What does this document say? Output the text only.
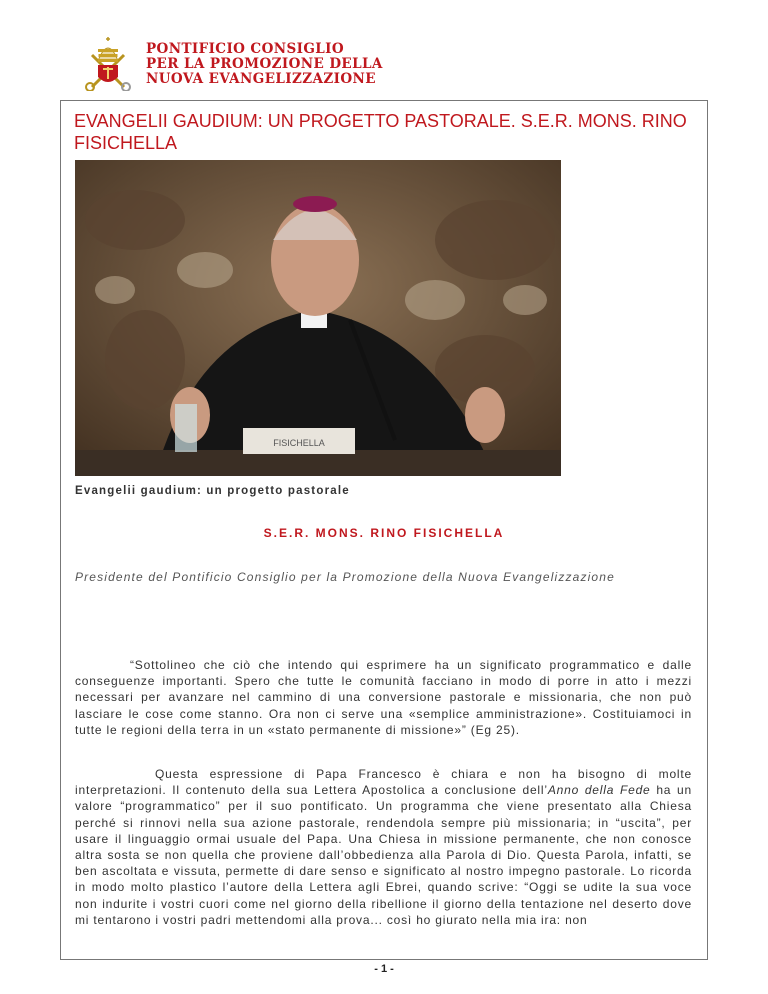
PONTIFICIO CONSIGLIO
PER LA PROMOZIONE DELLA
NUOVA EVANGELIZZAZIONE
EVANGELII GAUDIUM: UN PROGETTO PASTORALE. S.E.R. MONS. RINO FISICHELLA
FISICHELLA
Evangelii gaudium: un progetto pastorale
S.E.R. MONS. RINO FISICHELLA
Presidente del Pontificio Consiglio per la Promozione della Nuova Evangelizzazione
“Sottolineo che ciò che intendo qui esprimere ha un significato programmatico e dalle conseguenze importanti. Spero che tutte le comunità facciano in modo di porre in atto i mezzi necessari per avanzare nel cammino di una conversione pastorale e missionaria, che non può lasciare le cose come stanno. Ora non ci serve una «semplice amministrazione». Costituiamoci in tutte le regioni della terra in un «stato permanente di missione»” (Eg 25).
Questa espressione di Papa Francesco è chiara e non ha bisogno di molte interpretazioni. Il contenuto della sua Lettera Apostolica a conclusione dell’Anno della Fede ha un valore “programmatico” per il suo pontificato. Un programma che viene presentato alla Chiesa perché si rinnovi nella sua azione pastorale, rendendola sempre più missionaria; in “uscita”, per usare il linguaggio ormai usuale del Papa. Una Chiesa in missione permanente, che non conosce altra sosta se non quella che proviene dall’obbedienza alla Parola di Dio. Questa Parola, infatti, se ben ascoltata e vissuta, permette di dare senso e significato al nostro impegno pastorale. Lo ricorda in modo molto plastico l’autore della Lettera agli Ebrei, quando scrive: “Oggi se udite la sua voce non indurite i vostri cuori come nel giorno della ribellione il giorno della tentazione nel deserto dove mi tentarono i vostri padri mettendomi alla prova... così ho giurato nella mia ira: non
- 1 -
